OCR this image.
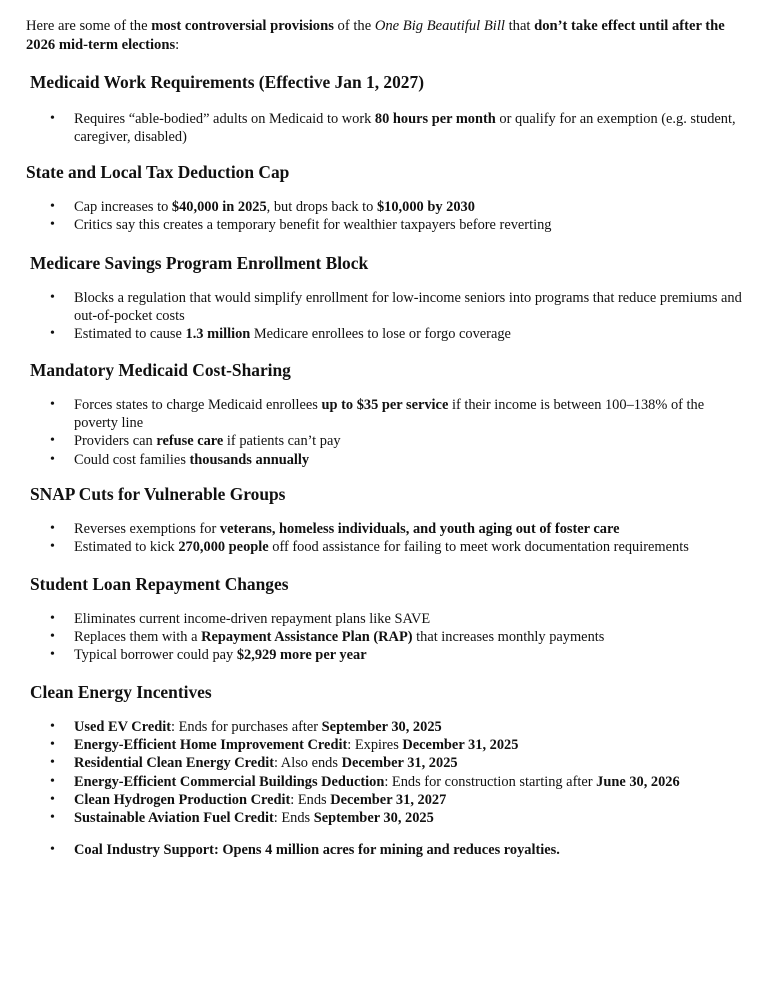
Here are some of the most controversial provisions of the One Big Beautiful Bill that don’t take effect until after the 2026 mid-term elections:

Medicaid Work Requirements (Effective Jan 1, 2027)
• Requires “able-bodied” adults on Medicaid to work 80 hours per month or qualify for an exemption (e.g. student, caregiver, disabled)
State and Local Tax Deduction Cap
• Cap increases to $40,000 in 2025, but drops back to $10,000 by 2030
• Critics say this creates a temporary benefit for wealthier taxpayers before reverting
Medicare Savings Program Enrollment Block
• Blocks a regulation that would simplify enrollment for low-income seniors into programs that reduce premiums and out-of-pocket costs
• Estimated to cause 1.3 million Medicare enrollees to lose or forgo coverage
Mandatory Medicaid Cost-Sharing
• Forces states to charge Medicaid enrollees up to $35 per service if their income is between 100–138% of the poverty line
• Providers can refuse care if patients can’t pay
• Could cost families thousands annually
SNAP Cuts for Vulnerable Groups
• Reverses exemptions for veterans, homeless individuals, and youth aging out of foster care
• Estimated to kick 270,000 people off food assistance for failing to meet work documentation requirements
Student Loan Repayment Changes
• Eliminates current income-driven repayment plans like SAVE
• Replaces them with a Repayment Assistance Plan (RAP) that increases monthly payments
• Typical borrower could pay $2,929 more per year
Clean Energy Incentives
• Used EV Credit: Ends for purchases after September 30, 2025
• Energy-Efficient Home Improvement Credit: Expires December 31, 2025
• Residential Clean Energy Credit: Also ends December 31, 2025
• Energy-Efficient Commercial Buildings Deduction: Ends for construction starting after June 30, 2026
• Clean Hydrogen Production Credit: Ends December 31, 2027
• Sustainable Aviation Fuel Credit: Ends September 30, 2025
• Coal Industry Support: Opens 4 million acres for mining and reduces royalties.
